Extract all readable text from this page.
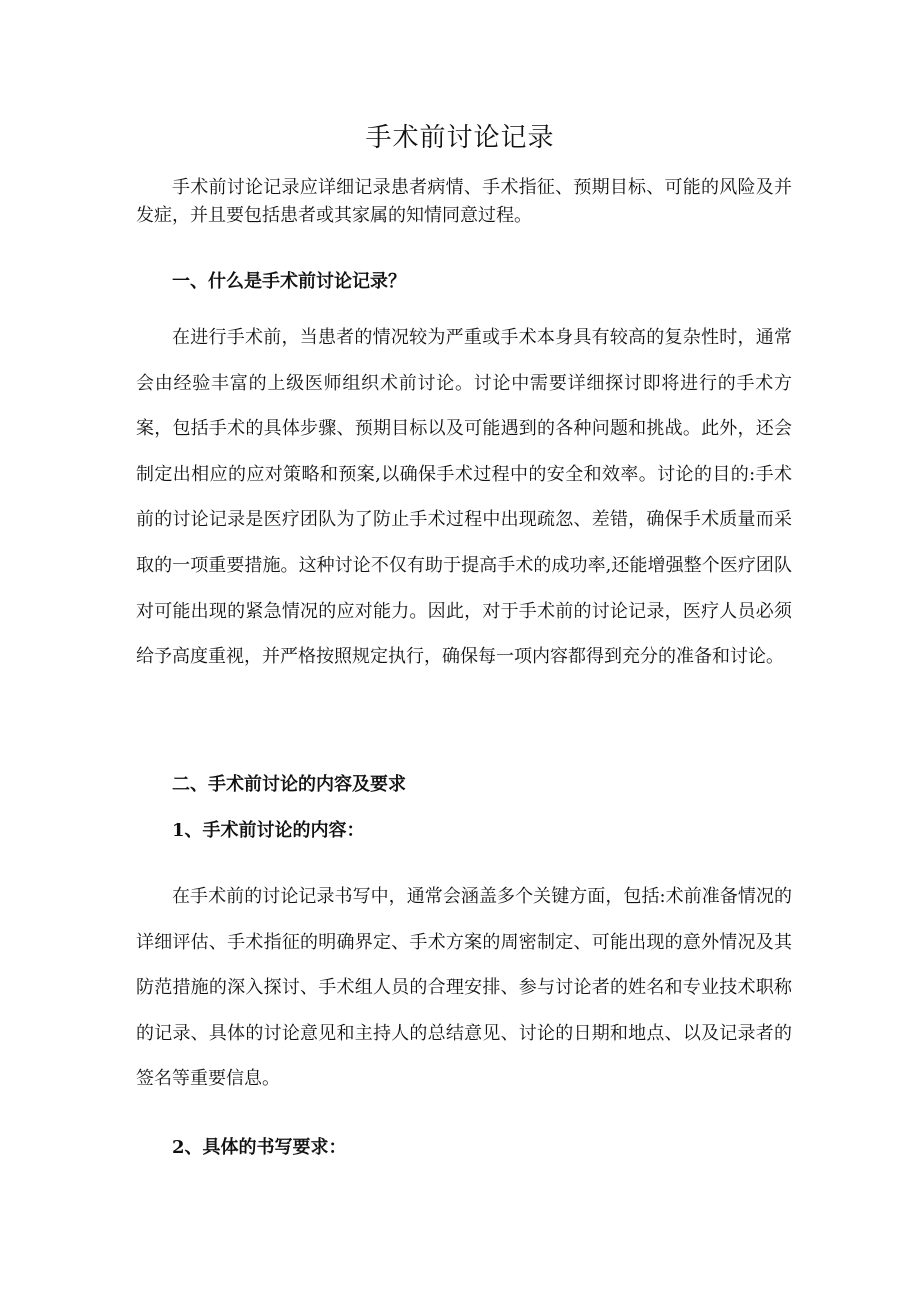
手术前讨论记录
手术前讨论记录应详细记录患者病情、手术指征、预期目标、可能的风险及并发症，并且要包括患者或其家属的知情同意过程。
一、什么是手术前讨论记录？
在进行手术前，当患者的情况较为严重或手术本身具有较高的复杂性时，通常会由经验丰富的上级医师组织术前讨论。讨论中需要详细探讨即将进行的手术方案，包括手术的具体步骤、预期目标以及可能遇到的各种问题和挑战。此外，还会制定出相应的应对策略和预案,以确保手术过程中的安全和效率。讨论的目的:手术前的讨论记录是医疗团队为了防止手术过程中出现疏忽、差错，确保手术质量而采取的一项重要措施。这种讨论不仅有助于提高手术的成功率,还能增强整个医疗团队对可能出现的紧急情况的应对能力。因此，对于手术前的讨论记录，医疗人员必须给予高度重视，并严格按照规定执行，确保每一项内容都得到充分的准备和讨论。
二、手术前讨论的内容及要求
1、手术前讨论的内容：
在手术前的讨论记录书写中，通常会涵盖多个关键方面，包括:术前准备情况的详细评估、手术指征的明确界定、手术方案的周密制定、可能出现的意外情况及其防范措施的深入探讨、手术组人员的合理安排、参与讨论者的姓名和专业技术职称的记录、具体的讨论意见和主持人的总结意见、讨论的日期和地点、以及记录者的签名等重要信息。
2、具体的书写要求：
